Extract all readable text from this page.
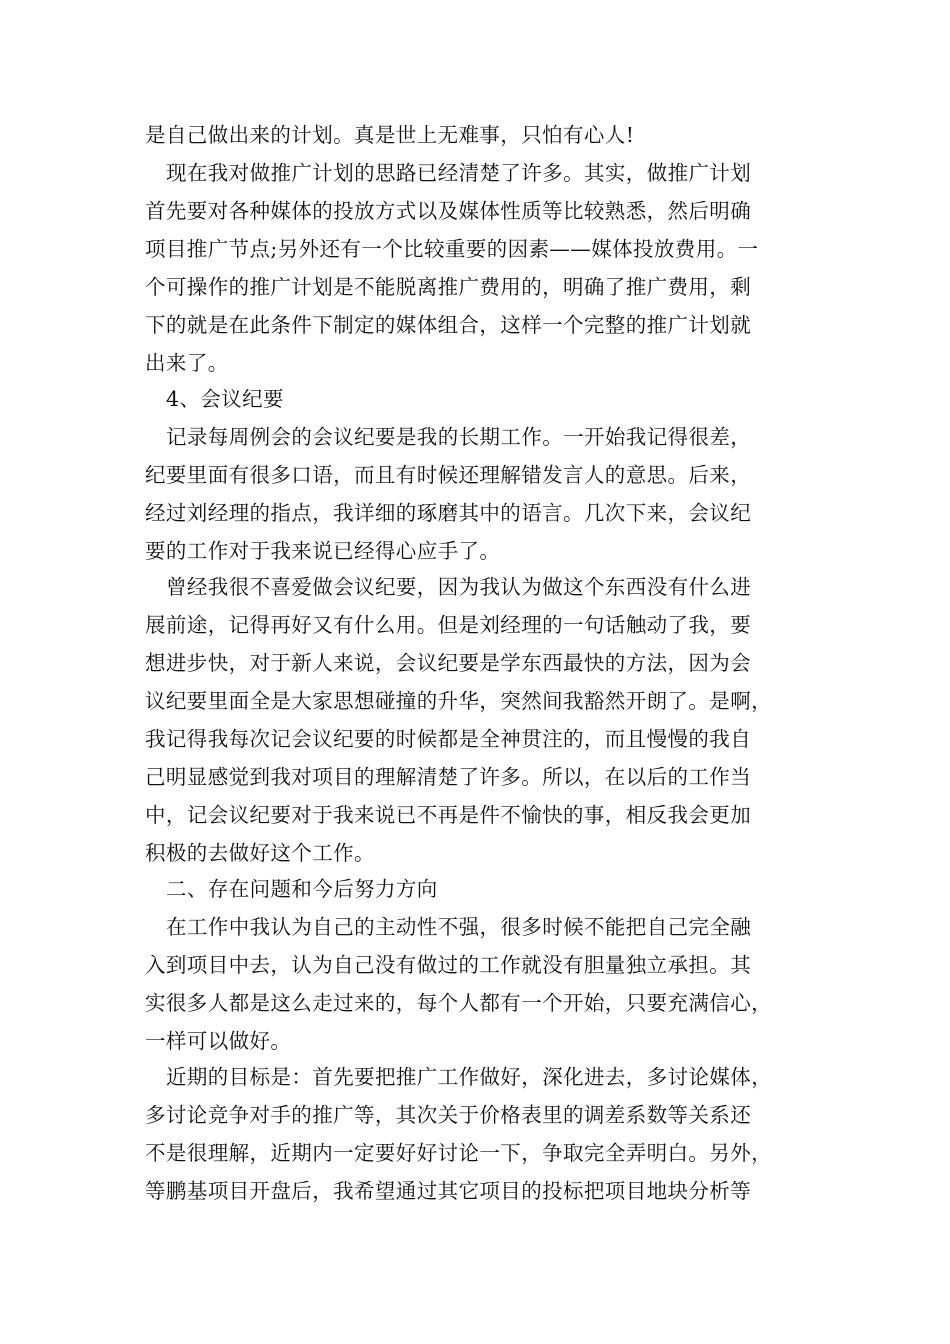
是自己做出来的计划。真是世上无难事，只怕有心人!
现在我对做推广计划的思路已经清楚了许多。其实，做推广计划
首先要对各种媒体的投放方式以及媒体性质等比较熟悉，然后明确
项目推广节点;另外还有一个比较重要的因素——媒体投放费用。一
个可操作的推广计划是不能脱离推广费用的，明确了推广费用，剩
下的就是在此条件下制定的媒体组合，这样一个完整的推广计划就
出来了。
4、会议纪要
记录每周例会的会议纪要是我的长期工作。一开始我记得很差，
纪要里面有很多口语，而且有时候还理解错发言人的意思。后来，
经过刘经理的指点，我详细的琢磨其中的语言。几次下来，会议纪
要的工作对于我来说已经得心应手了。
曾经我很不喜爱做会议纪要，因为我认为做这个东西没有什么进
展前途，记得再好又有什么用。但是刘经理的一句话触动了我，要
想进步快，对于新人来说，会议纪要是学东西最快的方法，因为会
议纪要里面全是大家思想碰撞的升华，突然间我豁然开朗了。是啊，
我记得我每次记会议纪要的时候都是全神贯注的，而且慢慢的我自
己明显感觉到我对项目的理解清楚了许多。所以，在以后的工作当
中，记会议纪要对于我来说已不再是件不愉快的事，相反我会更加
积极的去做好这个工作。
二、存在问题和今后努力方向
在工作中我认为自己的主动性不强，很多时候不能把自己完全融
入到项目中去，认为自己没有做过的工作就没有胆量独立承担。其
实很多人都是这么走过来的，每个人都有一个开始，只要充满信心，
一样可以做好。
近期的目标是：首先要把推广工作做好，深化进去，多讨论媒体，
多讨论竞争对手的推广等，其次关于价格表里的调差系数等关系还
不是很理解，近期内一定要好好讨论一下，争取完全弄明白。另外，
等鹏基项目开盘后，我希望通过其它项目的投标把项目地块分析等
